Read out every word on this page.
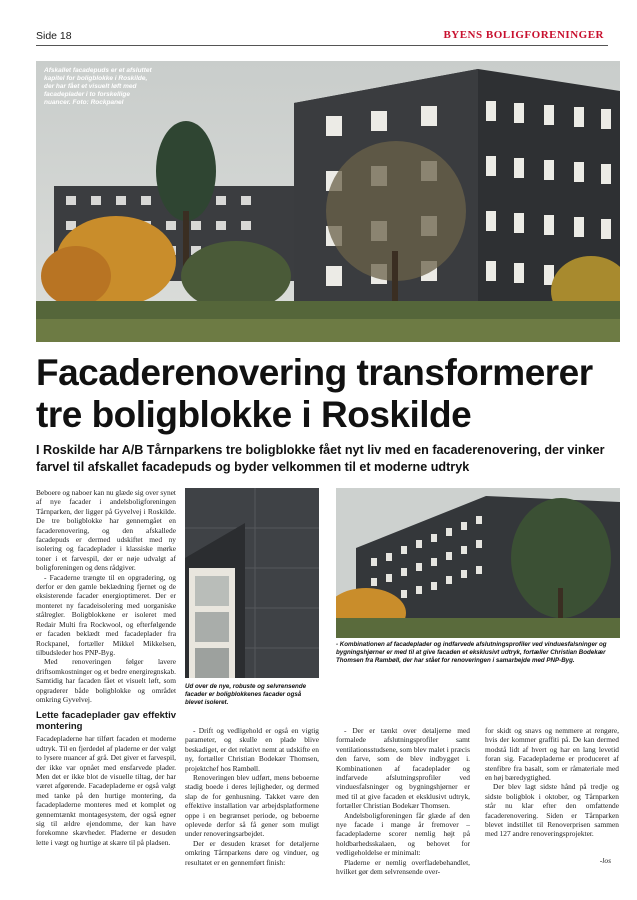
Side 18	BYENS BOLIGFORENINGER
Afskallet facadepuds er et afsluttet kapitel for boligblokke i Roskilde, der har fået et visuelt løft med facadeplader i to forskellige nuancer. Foto: Rockpanel
Facaderenovering transformerer tre boligblokke i Roskilde
I Roskilde har A/B Tårnparkens tre boligblokke fået nyt liv med en facaderenovering, der vinker farvel til afskallet facadepuds og byder velkommen til et moderne udtryk

Beboere og naboer kan nu glæde sig over synet af nye facader i andelsboligforeningen Tårnparken, der ligger på Gyvelvej i Roskilde. De tre boligblokke har gennemgået en facaderenovering, og den afskallede facadepuds er dermed udskiftet med ny isolering og facadeplader i klassiske mørke toner i et farvespil, der er nøje udvalgt af boligforeningen og dens rådgiver.

- Facaderne trængte til en opgradering, og derfor er den gamle beklædning fjernet og de eksisterende facader energioptimeret. Der er monteret ny facadeisolering med uorganiske stålregler. Boligblokkene er isoleret med Redair Multi fra Rockwool, og efterfølgende er facaden beklædt med facadeplader fra Rockpanel, fortæller Mikkel Mikkelsen, tilbudsleder hos PNP-Byg.

Med renoveringen følger lavere driftsomkostninger og et bedre energiregnskab. Samtidig har facaden fået et visuelt løft, som opgraderer både boligblokke og området omkring Gyvelvej.

Lette facadeplader gav effektiv montering

Facadepladerne har tilført facaden et moderne udtryk. Til en fjerdedel af pladerne er der valgt to lysere nuancer af grå. Det giver et farvespil, der ikke var opnået med ensfarvede plader. Men det er ikke blot de visuelle tiltag, der har været afgørende. Facadepladerne er også valgt med tanke på den hurtige montering, da facadepladerne monteres med et komplet og gennemtænkt montagesystem, der også egner sig til ældre ejendomme, der kan have forekomne skævheder. Pladerne er desuden lette i vægt og hurtige at skære til på pladsen.

Ud over de nye, robuste og selvrensende facader er boligblokkenes facader også blevet isoleret.
- Kombinationen af facadeplader og indfarvede afslutningsprofiler ved vinduesfalsninger og bygningshjørner er med til at give facaden et eksklusivt udtryk, fortæller Christian Bodekær Thomsen fra Rambøll, der har stået for renoveringen i samarbejde med PNP-Byg.

- Drift og vedligehold er også en vigtig parameter, og skulle en plade blive beskadiget, er det relativt nemt at udskifte en ny, fortæller Christian Bodekær Thomsen, projektchef hos Rambøll.

Renoveringen blev udført, mens beboerne stadig boede i deres lejligheder, og dermed slap de for genhusning. Takket være den effektive installation var arbejdsplatformene oppe i en begrænset periode, og beboerne oplevede derfor så få gener som muligt under renoveringsarbejdet.

Der er desuden kræset for detaljerne omkring Tårnparkens døre og vinduer, og resultatet er en gennemført finish:

- Der er tænkt over detaljerne med formalede afslutningsprofiler samt ventilationsstudsene, som blev malet i præcis den farve, som de blev indbygget i. Kombinationen af facadeplader og indfarvede afslutningsprofiler ved vinduesfalsninger og bygningshjørner er med til at give facaden et eksklusivt udtryk, fortæller Christian Bodekær Thomsen.

Andelsboligforeningen får glæde af den nye facade i mange år fremover – facadepladerne scorer nemlig højt på holdbarhedsskalaen, og behovet for vedligeholdelse er minimalt:

Pladerne er nemlig overfladebehandlet, hvilket gør dem selvrensende over-

for skidt og snavs og nemmere at rengøre, hvis der kommer graffiti på. De kan dermed modstå lidt af hvert og har en lang levetid foran sig. Facadepladerne er produceret af stenfibre fra basalt, som er råmateriale med en høj bæredygtighed.

Der blev lagt sidste hånd på tredje og sidste boligblok i oktober, og Tårnparken står nu klar efter den omfattende facaderenovering. Siden er Tårnparken blevet indstillet til Renoverprisen sammen med 127 andre renoveringsprojekter.

-los
